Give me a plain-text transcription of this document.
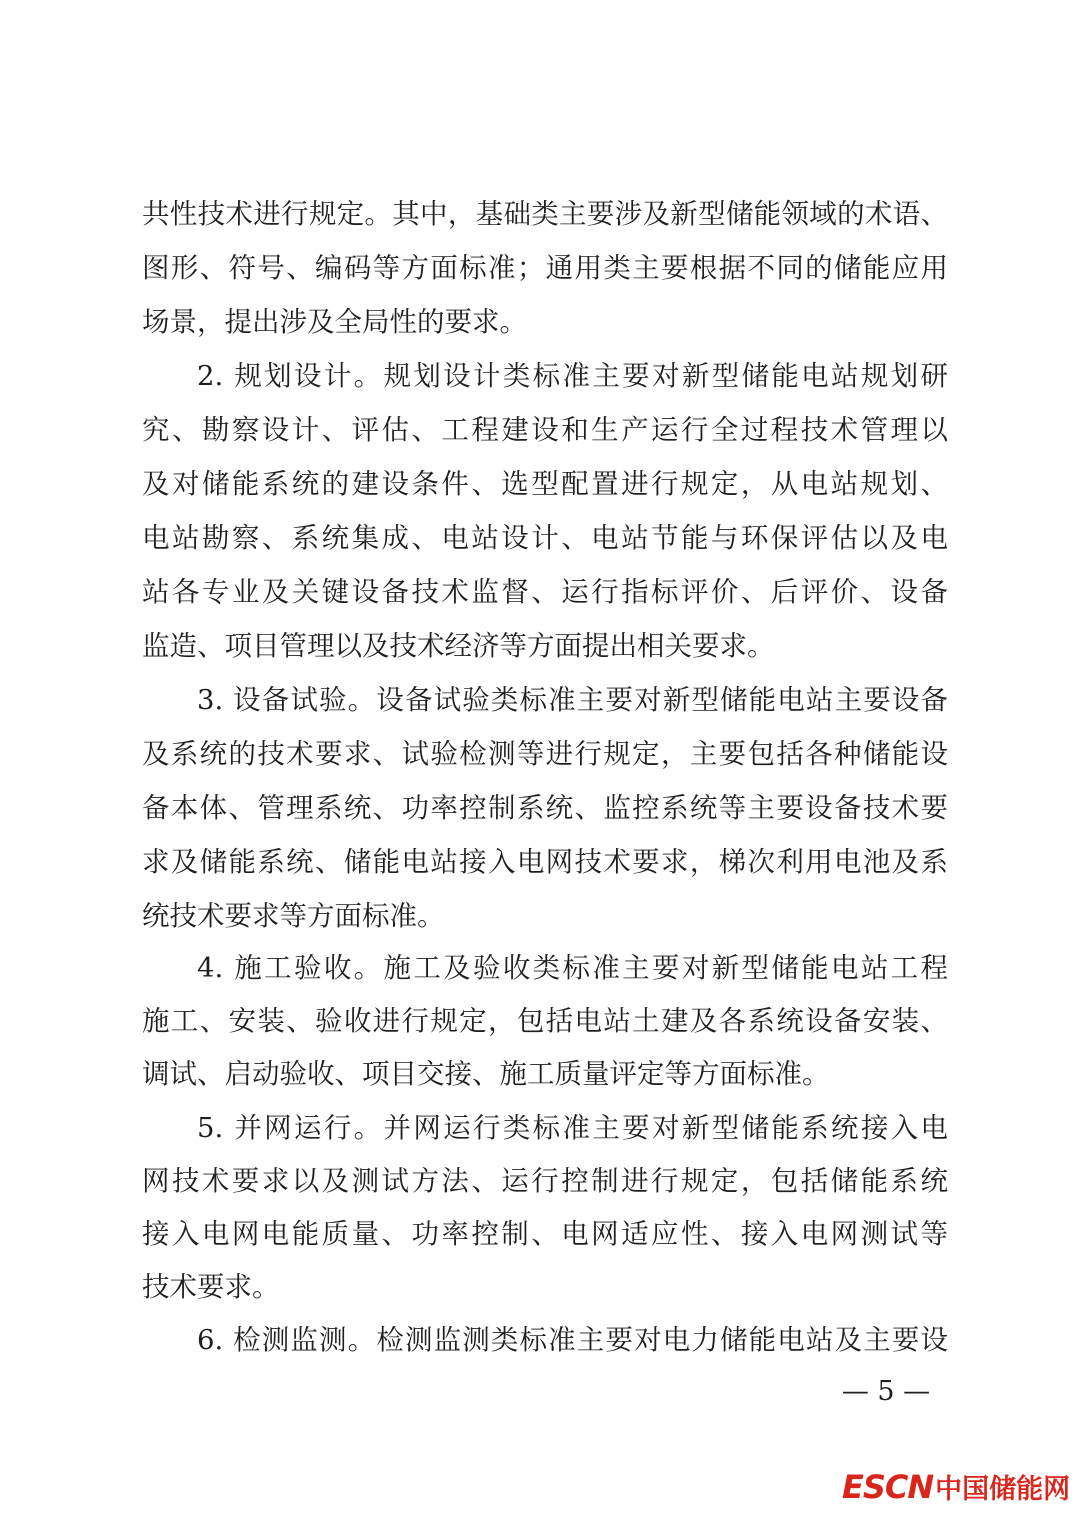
共性技术进行规定。其中，基础类主要涉及新型储能领域的术语、
图形、符号、编码等方面标准；通用类主要根据不同的储能应用
场景，提出涉及全局性的要求。
2. 规划设计。规划设计类标准主要对新型储能电站规划研
究、勘察设计、评估、工程建设和生产运行全过程技术管理以
及对储能系统的建设条件、选型配置进行规定，从电站规划、
电站勘察、系统集成、电站设计、电站节能与环保评估以及电
站各专业及关键设备技术监督、运行指标评价、后评价、设备
监造、项目管理以及技术经济等方面提出相关要求。
3. 设备试验。设备试验类标准主要对新型储能电站主要设备
及系统的技术要求、试验检测等进行规定，主要包括各种储能设
备本体、管理系统、功率控制系统、监控系统等主要设备技术要
求及储能系统、储能电站接入电网技术要求，梯次利用电池及系
统技术要求等方面标准。
4. 施工验收。施工及验收类标准主要对新型储能电站工程
施工、安装、验收进行规定，包括电站土建及各系统设备安装、
调试、启动验收、项目交接、施工质量评定等方面标准。
5. 并网运行。并网运行类标准主要对新型储能系统接入电
网技术要求以及测试方法、运行控制进行规定，包括储能系统
接入电网电能质量、功率控制、电网适应性、接入电网测试等
技术要求。
6. 检测监测。检测监测类标准主要对电力储能电站及主要设
— 5 —
ESCN中国储能网
